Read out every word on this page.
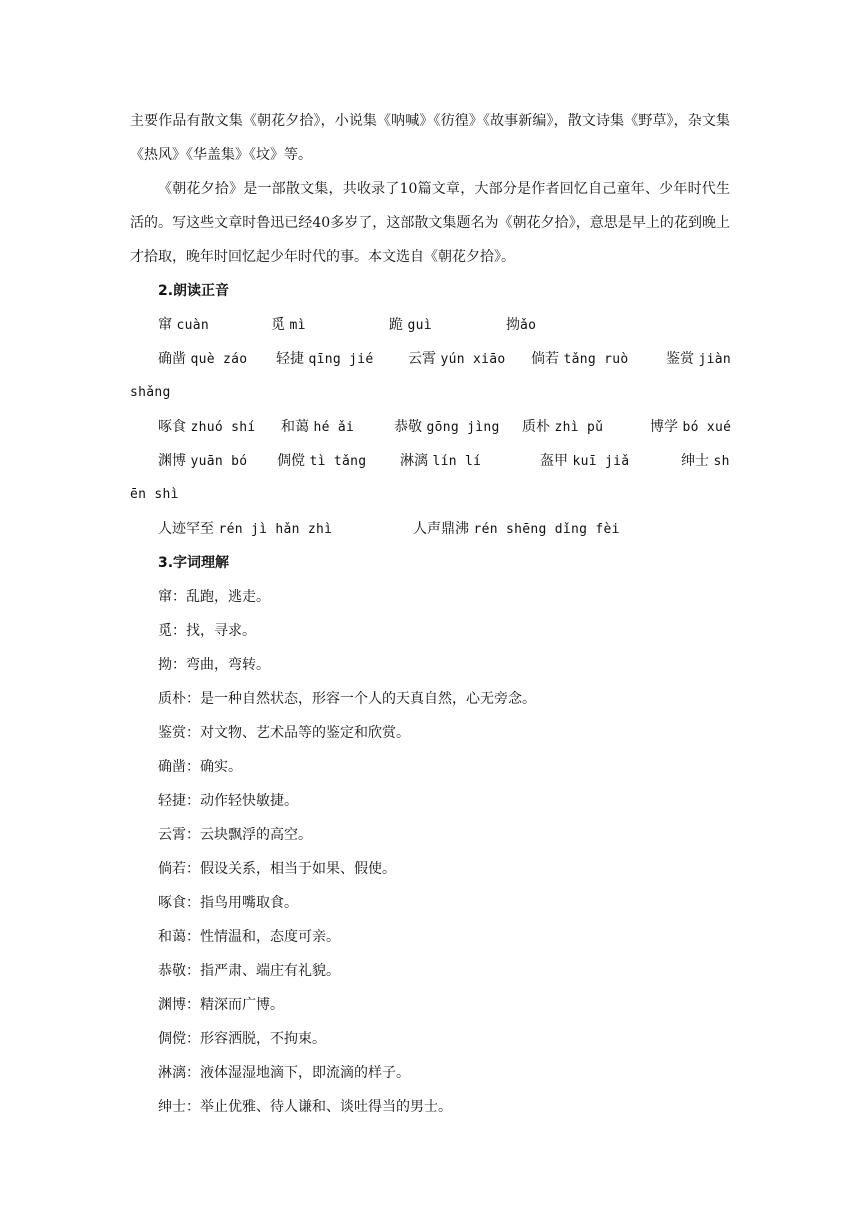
主要作品有散文集《朝花夕拾》，小说集《呐喊》《彷徨》《故事新编》，散文诗集《野草》，杂文集《热风》《华盖集》《坟》等。

《朝花夕拾》是一部散文集，共收录了10篇文章，大部分是作者回忆自己童年、少年时代生活的。写这些文章时鲁迅已经40多岁了，这部散文集题名为《朝花夕拾》，意思是早上的花到晚上才拾取，晚年时回忆起少年时代的事。本文选自《朝花夕拾》。

2.朗读正音

窜 cuàn	觅 mì	跪 guì	拗ǎo
确凿 què záo 轻捷 qīng jié 云霄 yún xiāo 倘若 tǎng ruò	鉴赏 jiàn
shǎng
啄食 zhuó shí 和蔼 hé ǎi	恭敬 gōng jìng 质朴 zhì pǔ	博学 bó xué
渊博 yuān bó 倜傥 tì tǎng 淋漓 lín lí	盔甲 kuī jiǎ	绅士 sh
ēn shì
人迹罕至 rén jì hǎn zhì	人声鼎沸 rén shēng dǐng fèi

3.字词理解

窜：乱跑，逃走。

觅：找，寻求。

拗：弯曲，弯转。

质朴：是一种自然状态，形容一个人的天真自然，心无旁念。

鉴赏：对文物、艺术品等的鉴定和欣赏。

确凿：确实。

轻捷：动作轻快敏捷。

云霄：云块飘浮的高空。

倘若：假设关系，相当于如果、假使。

啄食：指鸟用嘴取食。

和蔼：性情温和，态度可亲。

恭敬：指严肃、端庄有礼貌。

渊博：精深而广博。

倜傥：形容洒脱，不拘束。

淋漓：液体湿湿地滴下，即流滴的样子。

绅士：举止优雅、待人谦和、谈吐得当的男士。
